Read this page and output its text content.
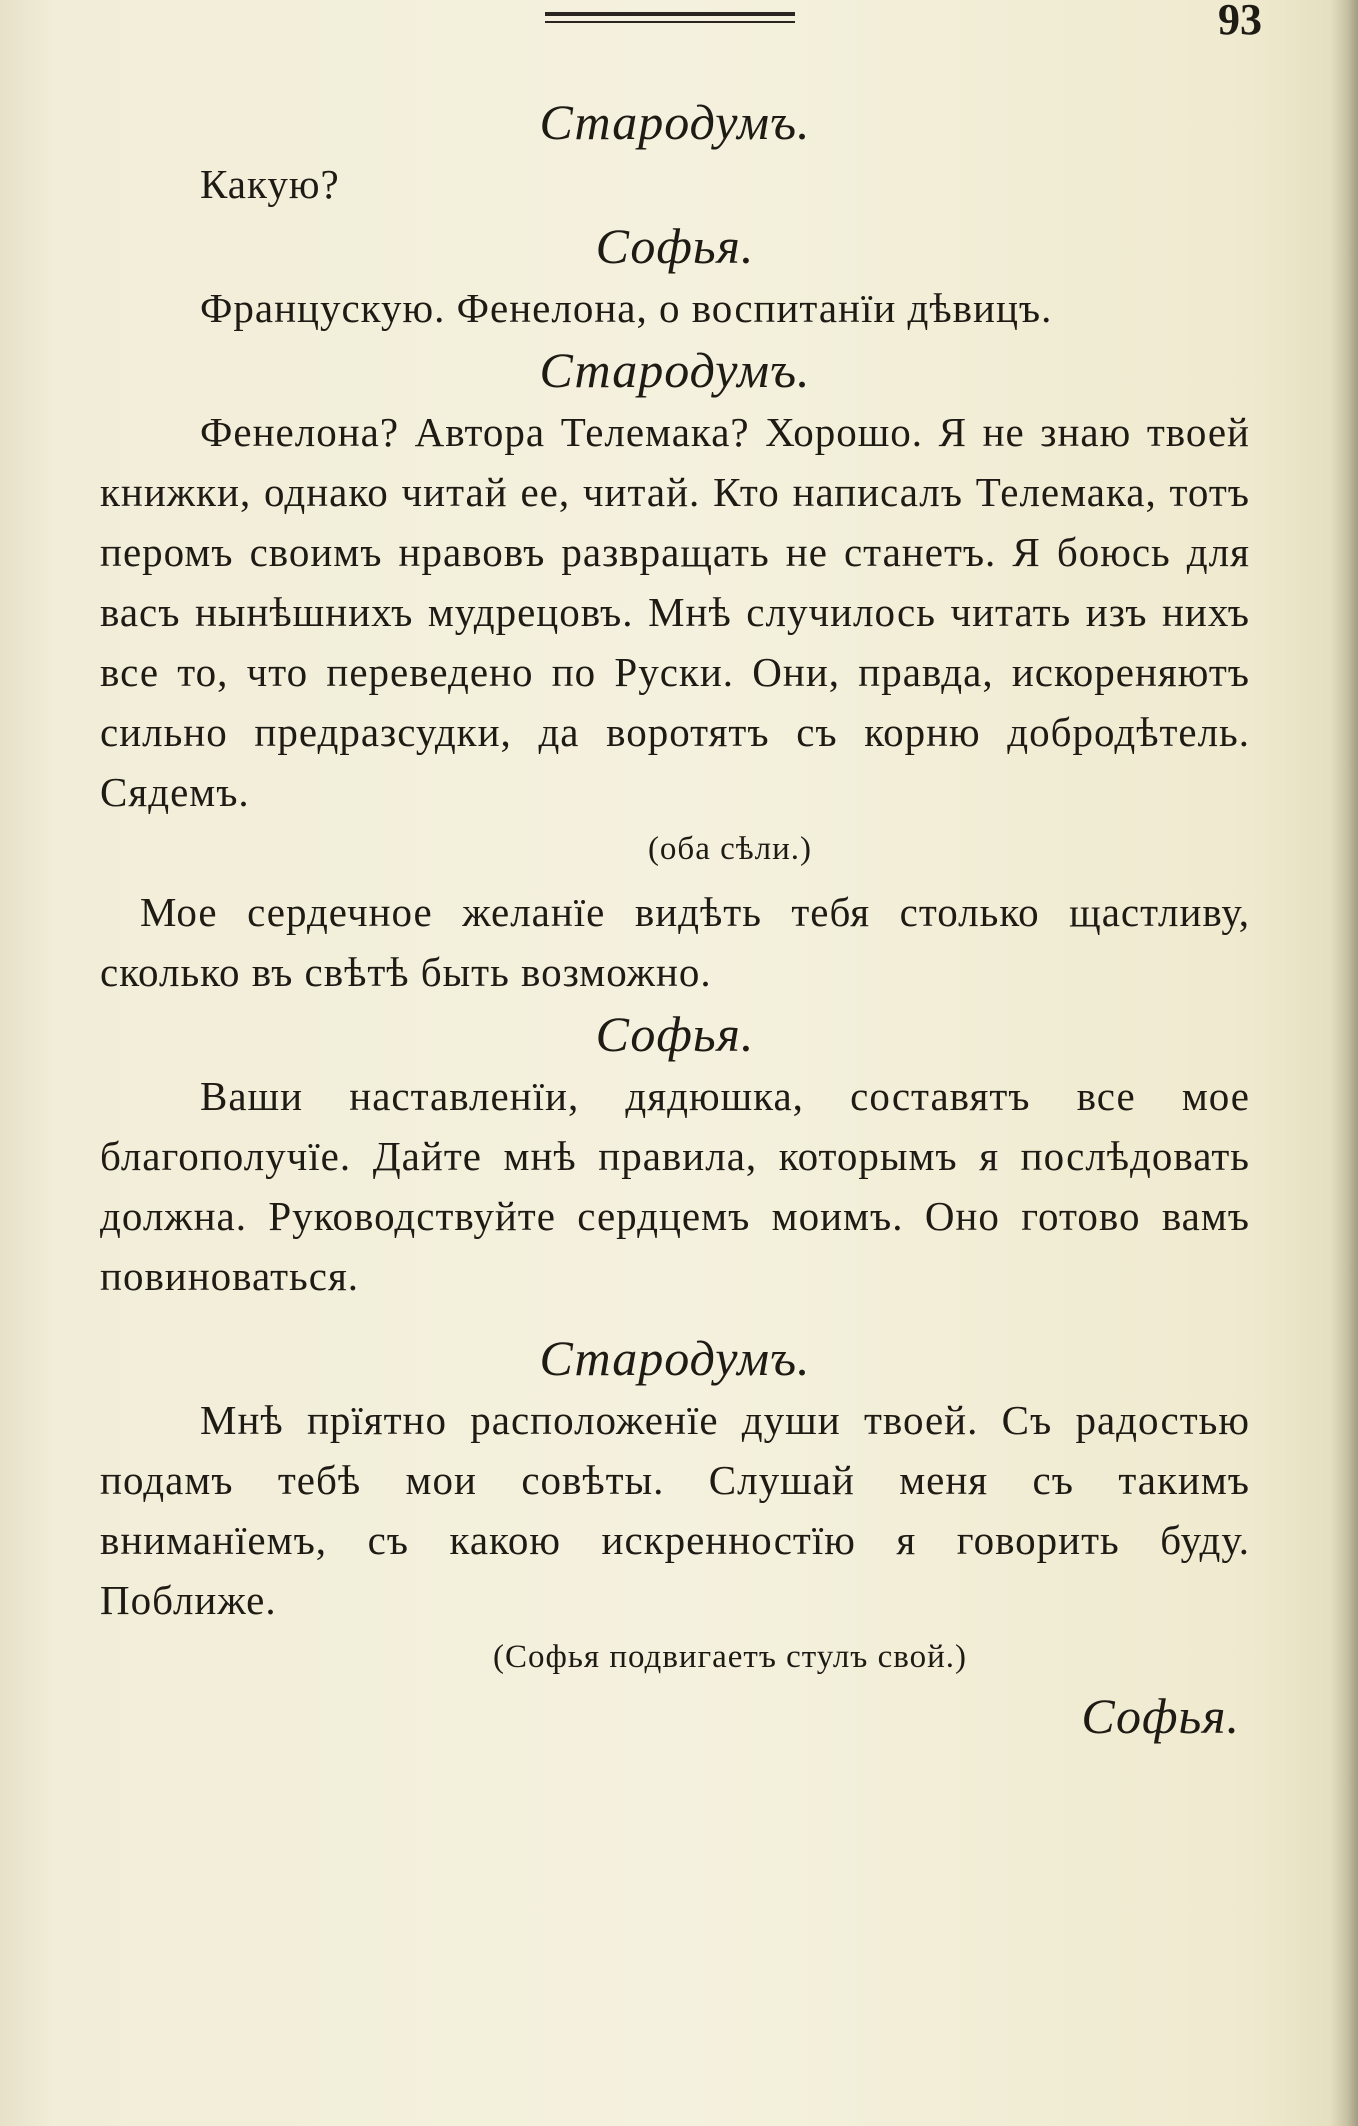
93

Стародумъ.

Какую?

Софья.

Францускую. Фенелона, о воспитанїи дѣвицъ.

Стародумъ.

Фенелона? Автора Телемака? Хорошо. Я не знаю твоей книжки, однако читай ее, читай. Кто написалъ Телемака, тотъ перомъ своимъ нравовъ развращать не станетъ. Я боюсь для васъ нынѣшнихъ мудрецовъ. Мнѣ случилось читать изъ нихъ все то, что переведено по Руски. Они, правда, искореняютъ сильно предразсудки, да воротятъ съ корню добродѣтель. Сядемъ.

(оба сѣли.)

Мое сердечное желанїе видѣть тебя столько щастливу, сколько въ свѣтѣ быть возможно.

Софья.

Ваши наставленїи, дядюшка, составятъ все мое благополучїе. Дайте мнѣ правила, которымъ я послѣдовать должна. Руководствуйте сердцемъ моимъ. Оно готово вамъ повиноваться.

Стародумъ.

Мнѣ прїятно расположенїе души твоей. Съ радостью подамъ тебѣ мои совѣты. Слушай меня съ такимъ вниманїемъ, съ какою искренностїю я говорить буду. Поближе.

(Софья подвигаетъ стулъ свой.)

Софья.
